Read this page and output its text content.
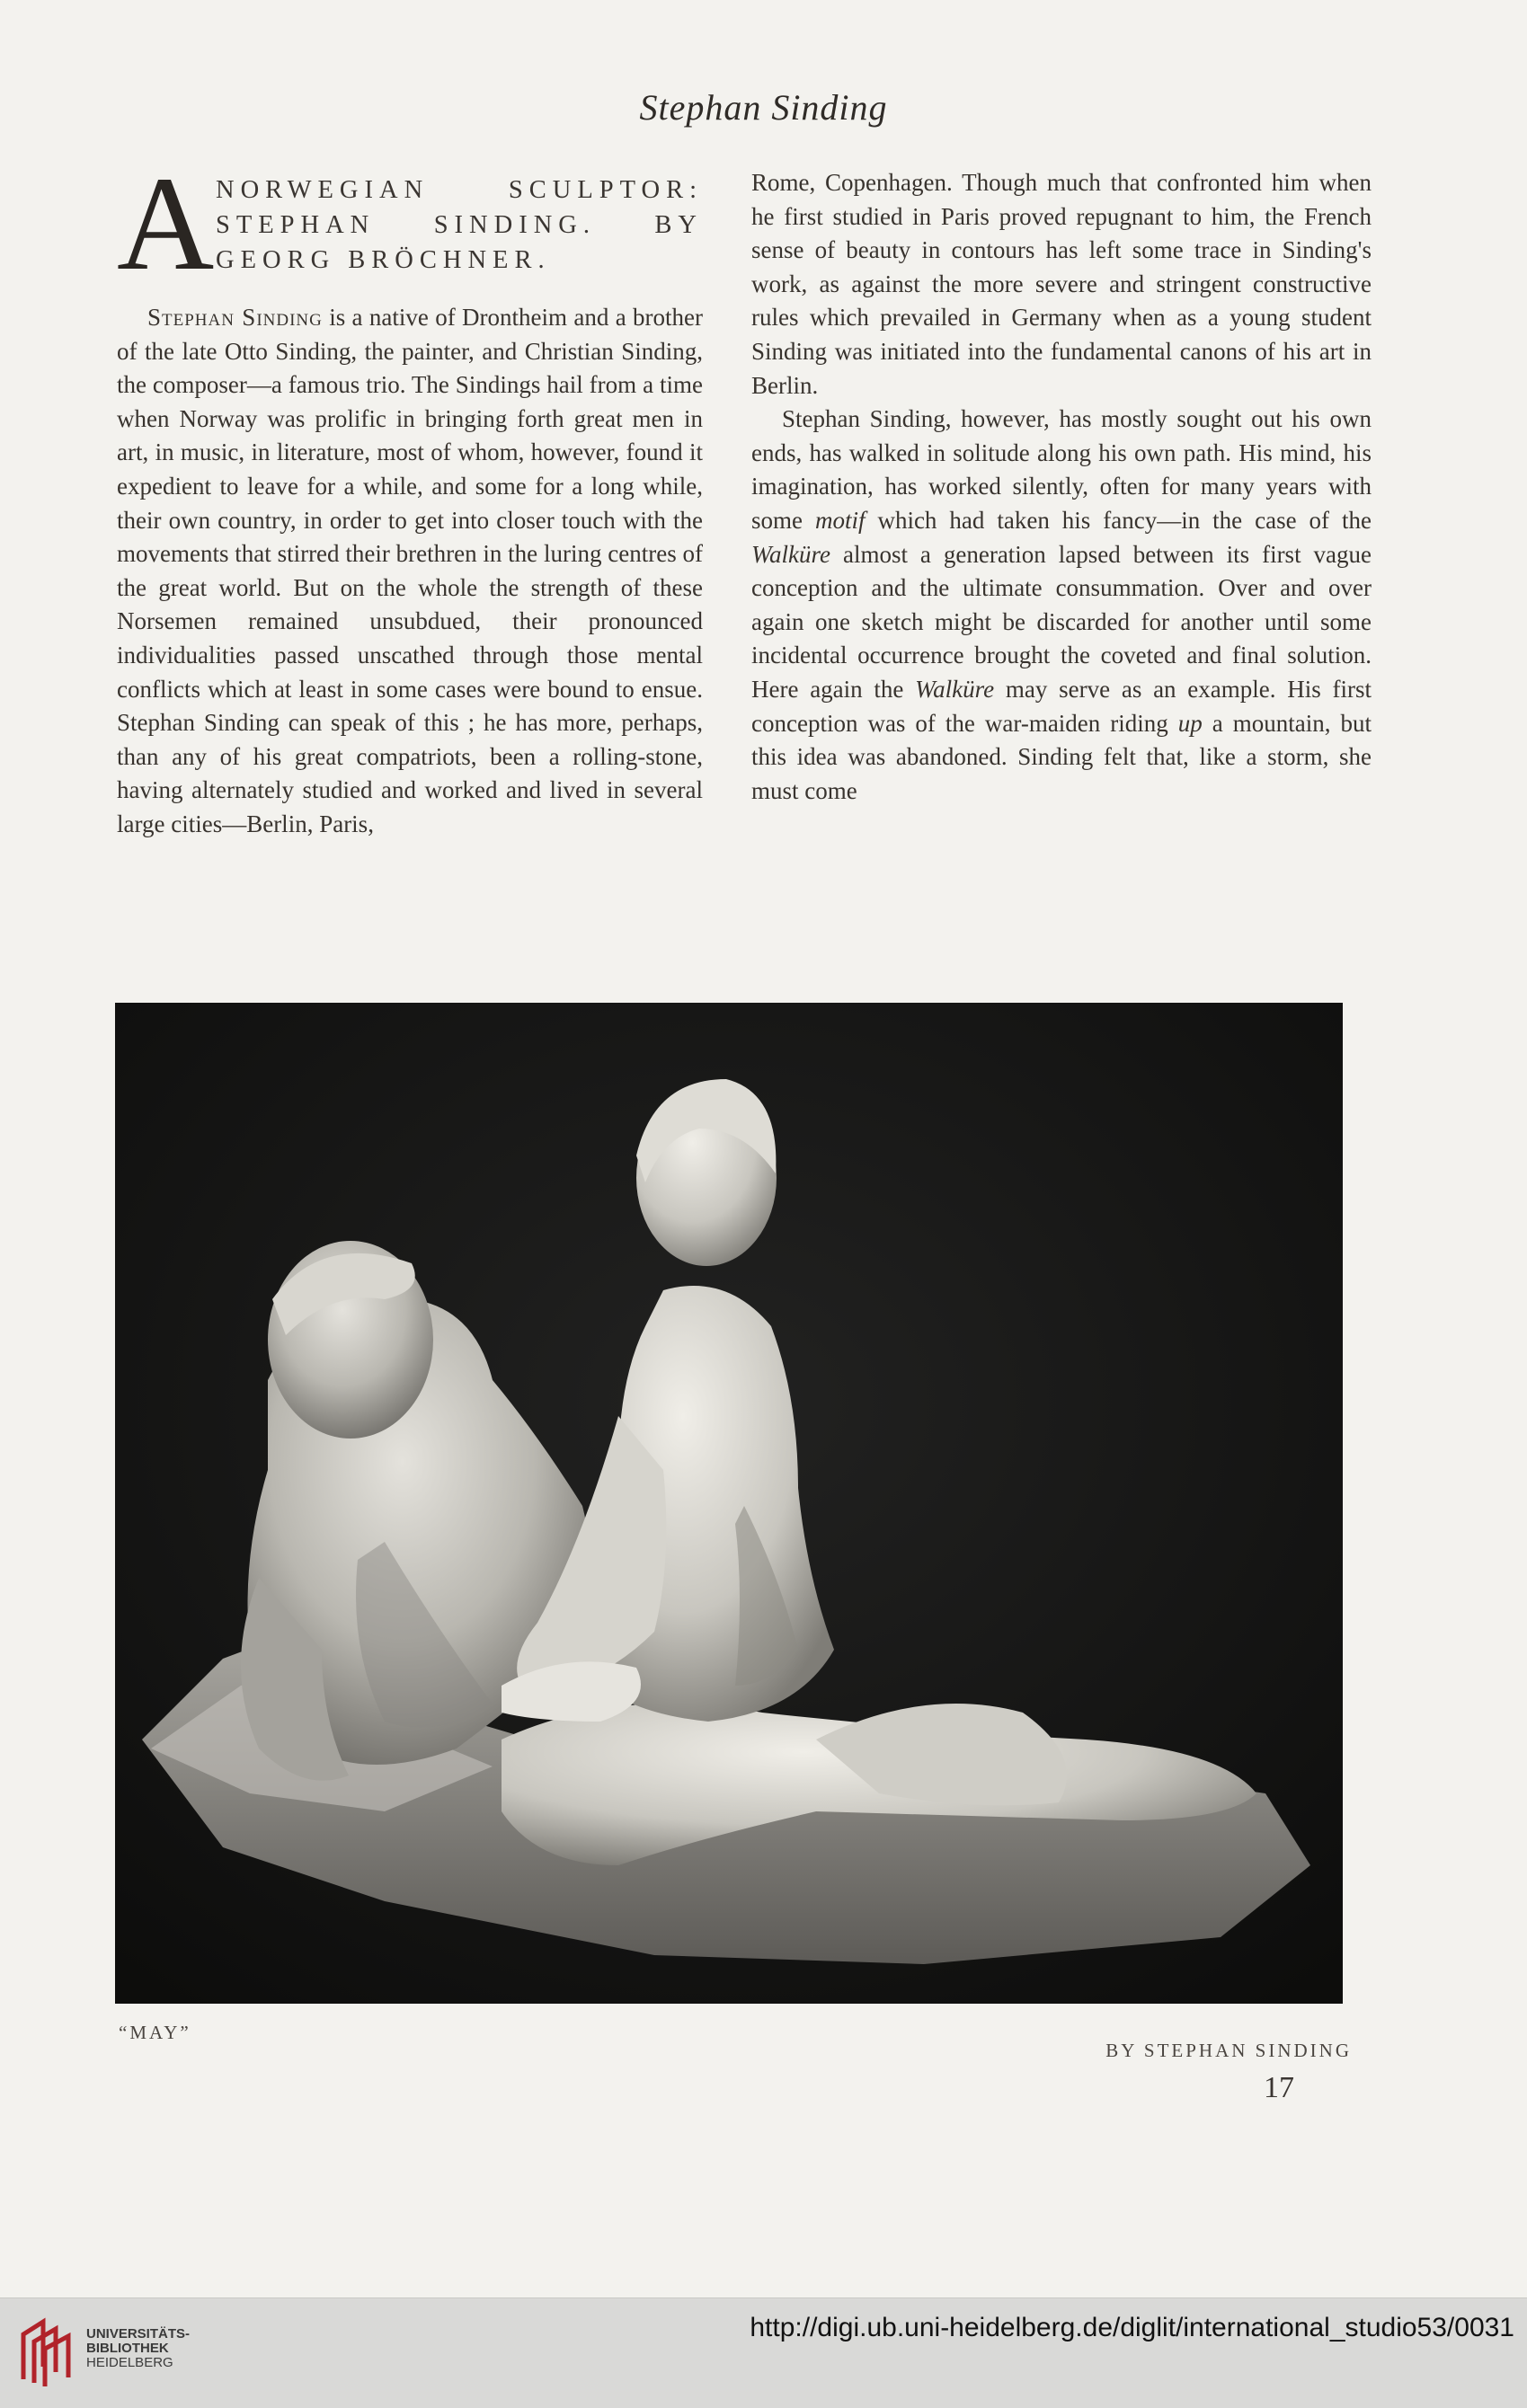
Stephan Sinding
A NORWEGIAN SCULPTOR:
STEPHAN SINDING. BY
GEORG BRÖCHNER.

Stephan Sinding is a native of Drontheim and a brother of the late Otto Sinding, the painter, and Christian Sinding, the composer—a famous trio. The Sindings hail from a time when Norway was prolific in bringing forth great men in art, in music, in literature, most of whom, however, found it expedient to leave for a while, and some for a long while, their own country, in order to get into closer touch with the movements that stirred their brethren in the luring centres of the great world. But on the whole the strength of these Norsemen remained unsubdued, their pronounced individualities passed unscathed through those mental conflicts which at least in some cases were bound to ensue. Stephan Sinding can speak of this ; he has more, perhaps, than any of his great compatriots, been a rolling-stone, having alternately studied and worked and lived in several large cities—Berlin, Paris,

Rome, Copenhagen. Though much that confronted him when he first studied in Paris proved repugnant to him, the French sense of beauty in contours has left some trace in Sinding's work, as against the more severe and stringent constructive rules which prevailed in Germany when as a young student Sinding was initiated into the fundamental canons of his art in Berlin.

Stephan Sinding, however, has mostly sought out his own ends, has walked in solitude along his own path. His mind, his imagination, has worked silently, often for many years with some motif which had taken his fancy—in the case of the Walküre almost a generation lapsed between its first vague conception and the ultimate consummation. Over and over again one sketch might be discarded for another until some incidental occurrence brought the coveted and final solution. Here again the Walküre may serve as an example. His first conception was of the war-maiden riding up a mountain, but this idea was abandoned. Sinding felt that, like a storm, she must come

“MAY”
BY STEPHAN SINDING
17
UNIVERSITÄTS-
BIBLIOTHEK
HEIDELBERG
http://digi.ub.uni-heidelberg.de/diglit/international_studio53/0031
